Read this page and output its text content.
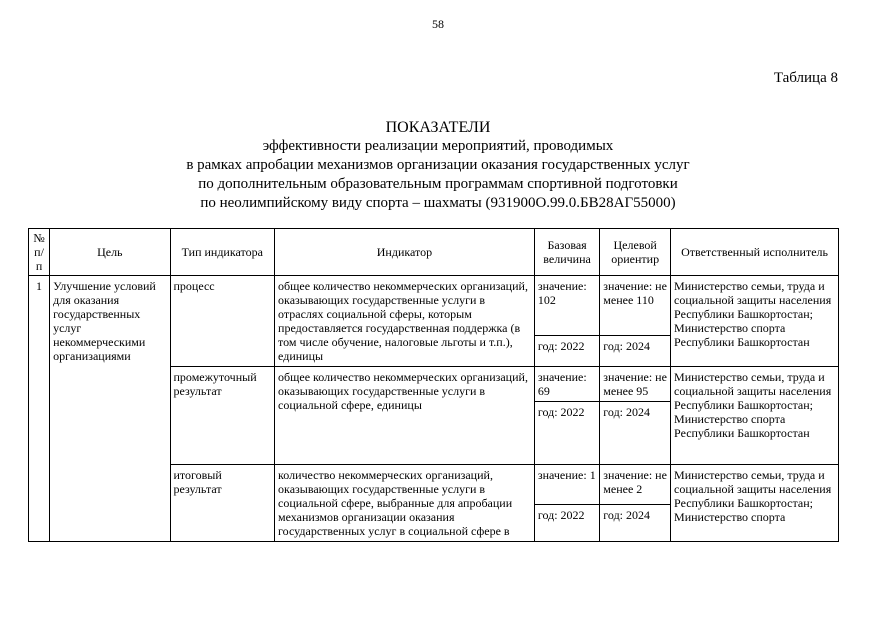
58
Таблица 8
ПОКАЗАТЕЛИ
эффективности реализации мероприятий, проводимых
в рамках апробации механизмов организации оказания государственных услуг
по дополнительным образовательным программам спортивной подготовки
по неолимпийскому виду спорта – шахматы (931900О.99.0.БВ28АГ55000)
№ п/п	Цель	Тип индикатора	Индикатор	Базовая величина	Целевой ориентир	Ответственный исполнитель
1	Улучшение условий для оказания государственных услуг некоммерческими организациями	процесс	общее количество некоммерческих организаций, оказывающих государственные услуги в отраслях социальной сферы, которым предоставляется государственная поддержка (в том числе обучение, налоговые льготы и т.п.), единицы	значение: 102	значение: не менее 110	Министерство семьи, труда и социальной защиты населения Республики Башкортостан; Министерство спорта Республики Башкортостан
				год: 2022	год: 2024	
		промежуточный результат	общее количество некоммерческих организаций, оказывающих государственные услуги в социальной сфере, единицы	значение: 69	значение: не менее 95	Министерство семьи, труда и социальной защиты населения Республики Башкортостан; Министерство спорта Республики Башкортостан
				год: 2022	год: 2024	
		итоговый результат	количество некоммерческих организаций, оказывающих государственные услуги в социальной сфере, выбранные для апробации механизмов организации оказания государственных услуг в социальной сфере в	значение: 1	значение: не менее 2	Министерство семьи, труда и социальной защиты населения Республики Башкортостан; Министерство спорта
				год: 2022	год: 2024	
